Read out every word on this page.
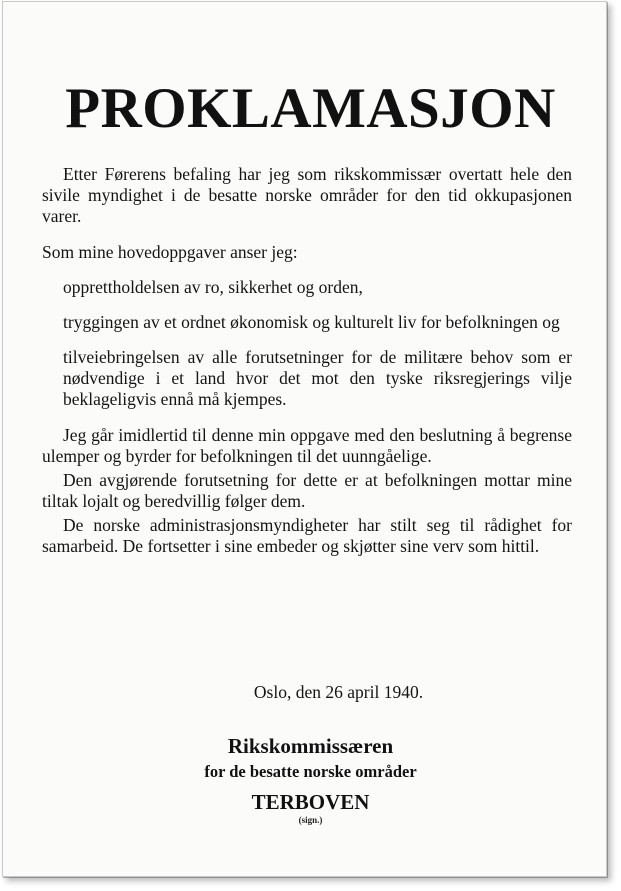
PROKLAMASJON

Etter Førerens befaling har jeg som rikskommissær overtatt hele den sivile myndighet i de besatte norske områder for den tid okkupasjonen varer.

Som mine hovedoppgaver anser jeg:

opprettholdelsen av ro, sikkerhet og orden,

tryggingen av et ordnet økonomisk og kulturelt liv for befolkningen og

tilveiebringelsen av alle forutsetninger for de militære behov som er nødvendige i et land hvor det mot den tyske riksregjerings vilje beklageligvis ennå må kjempes.

Jeg går imidlertid til denne min oppgave med den beslutning å begrense ulemper og byrder for befolkningen til det uunngåelige.

Den avgjørende forutsetning for dette er at befolkningen mottar mine tiltak lojalt og beredvillig følger dem.

De norske administrasjonsmyndigheter har stilt seg til rådighet for samarbeid. De fortsetter i sine embeder og skjøtter sine verv som hittil.

Oslo, den 26 april 1940.
Rikskommissæren
for de besatte norske områder
TERBOVEN
(sign.)
